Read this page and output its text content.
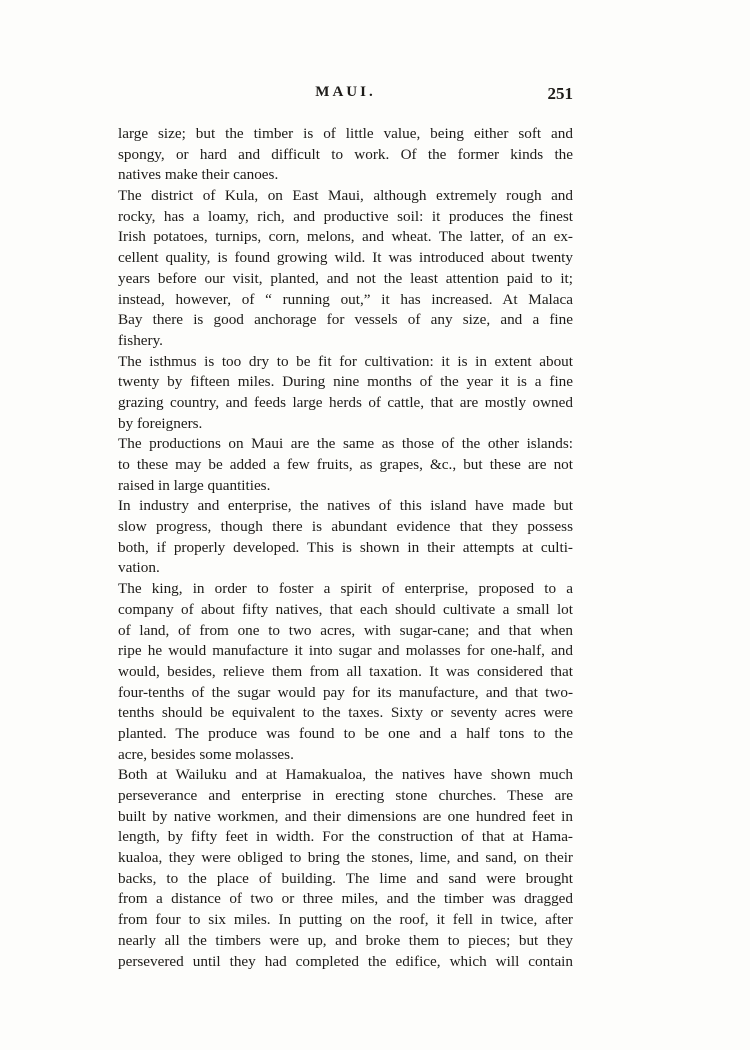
MAUI.	251
large size; but the timber is of little value, being either soft and
spongy, or hard and difficult to work. Of the former kinds the
natives make their canoes.
The district of Kula, on East Maui, although extremely rough and
rocky, has a loamy, rich, and productive soil: it produces the finest
Irish potatoes, turnips, corn, melons, and wheat. The latter, of an ex-
cellent quality, is found growing wild. It was introduced about twenty
years before our visit, planted, and not the least attention paid to it;
instead, however, of “ running out,” it has increased. At Malaca
Bay there is good anchorage for vessels of any size, and a fine
fishery.
The isthmus is too dry to be fit for cultivation: it is in extent about
twenty by fifteen miles. During nine months of the year it is a fine
grazing country, and feeds large herds of cattle, that are mostly owned
by foreigners.
The productions on Maui are the same as those of the other islands:
to these may be added a few fruits, as grapes, &c., but these are not
raised in large quantities.
In industry and enterprise, the natives of this island have made but
slow progress, though there is abundant evidence that they possess
both, if properly developed. This is shown in their attempts at culti-
vation.
The king, in order to foster a spirit of enterprise, proposed to a
company of about fifty natives, that each should cultivate a small lot
of land, of from one to two acres, with sugar-cane; and that when
ripe he would manufacture it into sugar and molasses for one-half, and
would, besides, relieve them from all taxation. It was considered that
four-tenths of the sugar would pay for its manufacture, and that two-
tenths should be equivalent to the taxes. Sixty or seventy acres were
planted. The produce was found to be one and a half tons to the
acre, besides some molasses.
Both at Wailuku and at Hamakualoa, the natives have shown much
perseverance and enterprise in erecting stone churches. These are
built by native workmen, and their dimensions are one hundred feet in
length, by fifty feet in width. For the construction of that at Hama-
kualoa, they were obliged to bring the stones, lime, and sand, on their
backs, to the place of building. The lime and sand were brought
from a distance of two or three miles, and the timber was dragged
from four to six miles. In putting on the roof, it fell in twice, after
nearly all the timbers were up, and broke them to pieces; but they
persevered until they had completed the edifice, which will contain
